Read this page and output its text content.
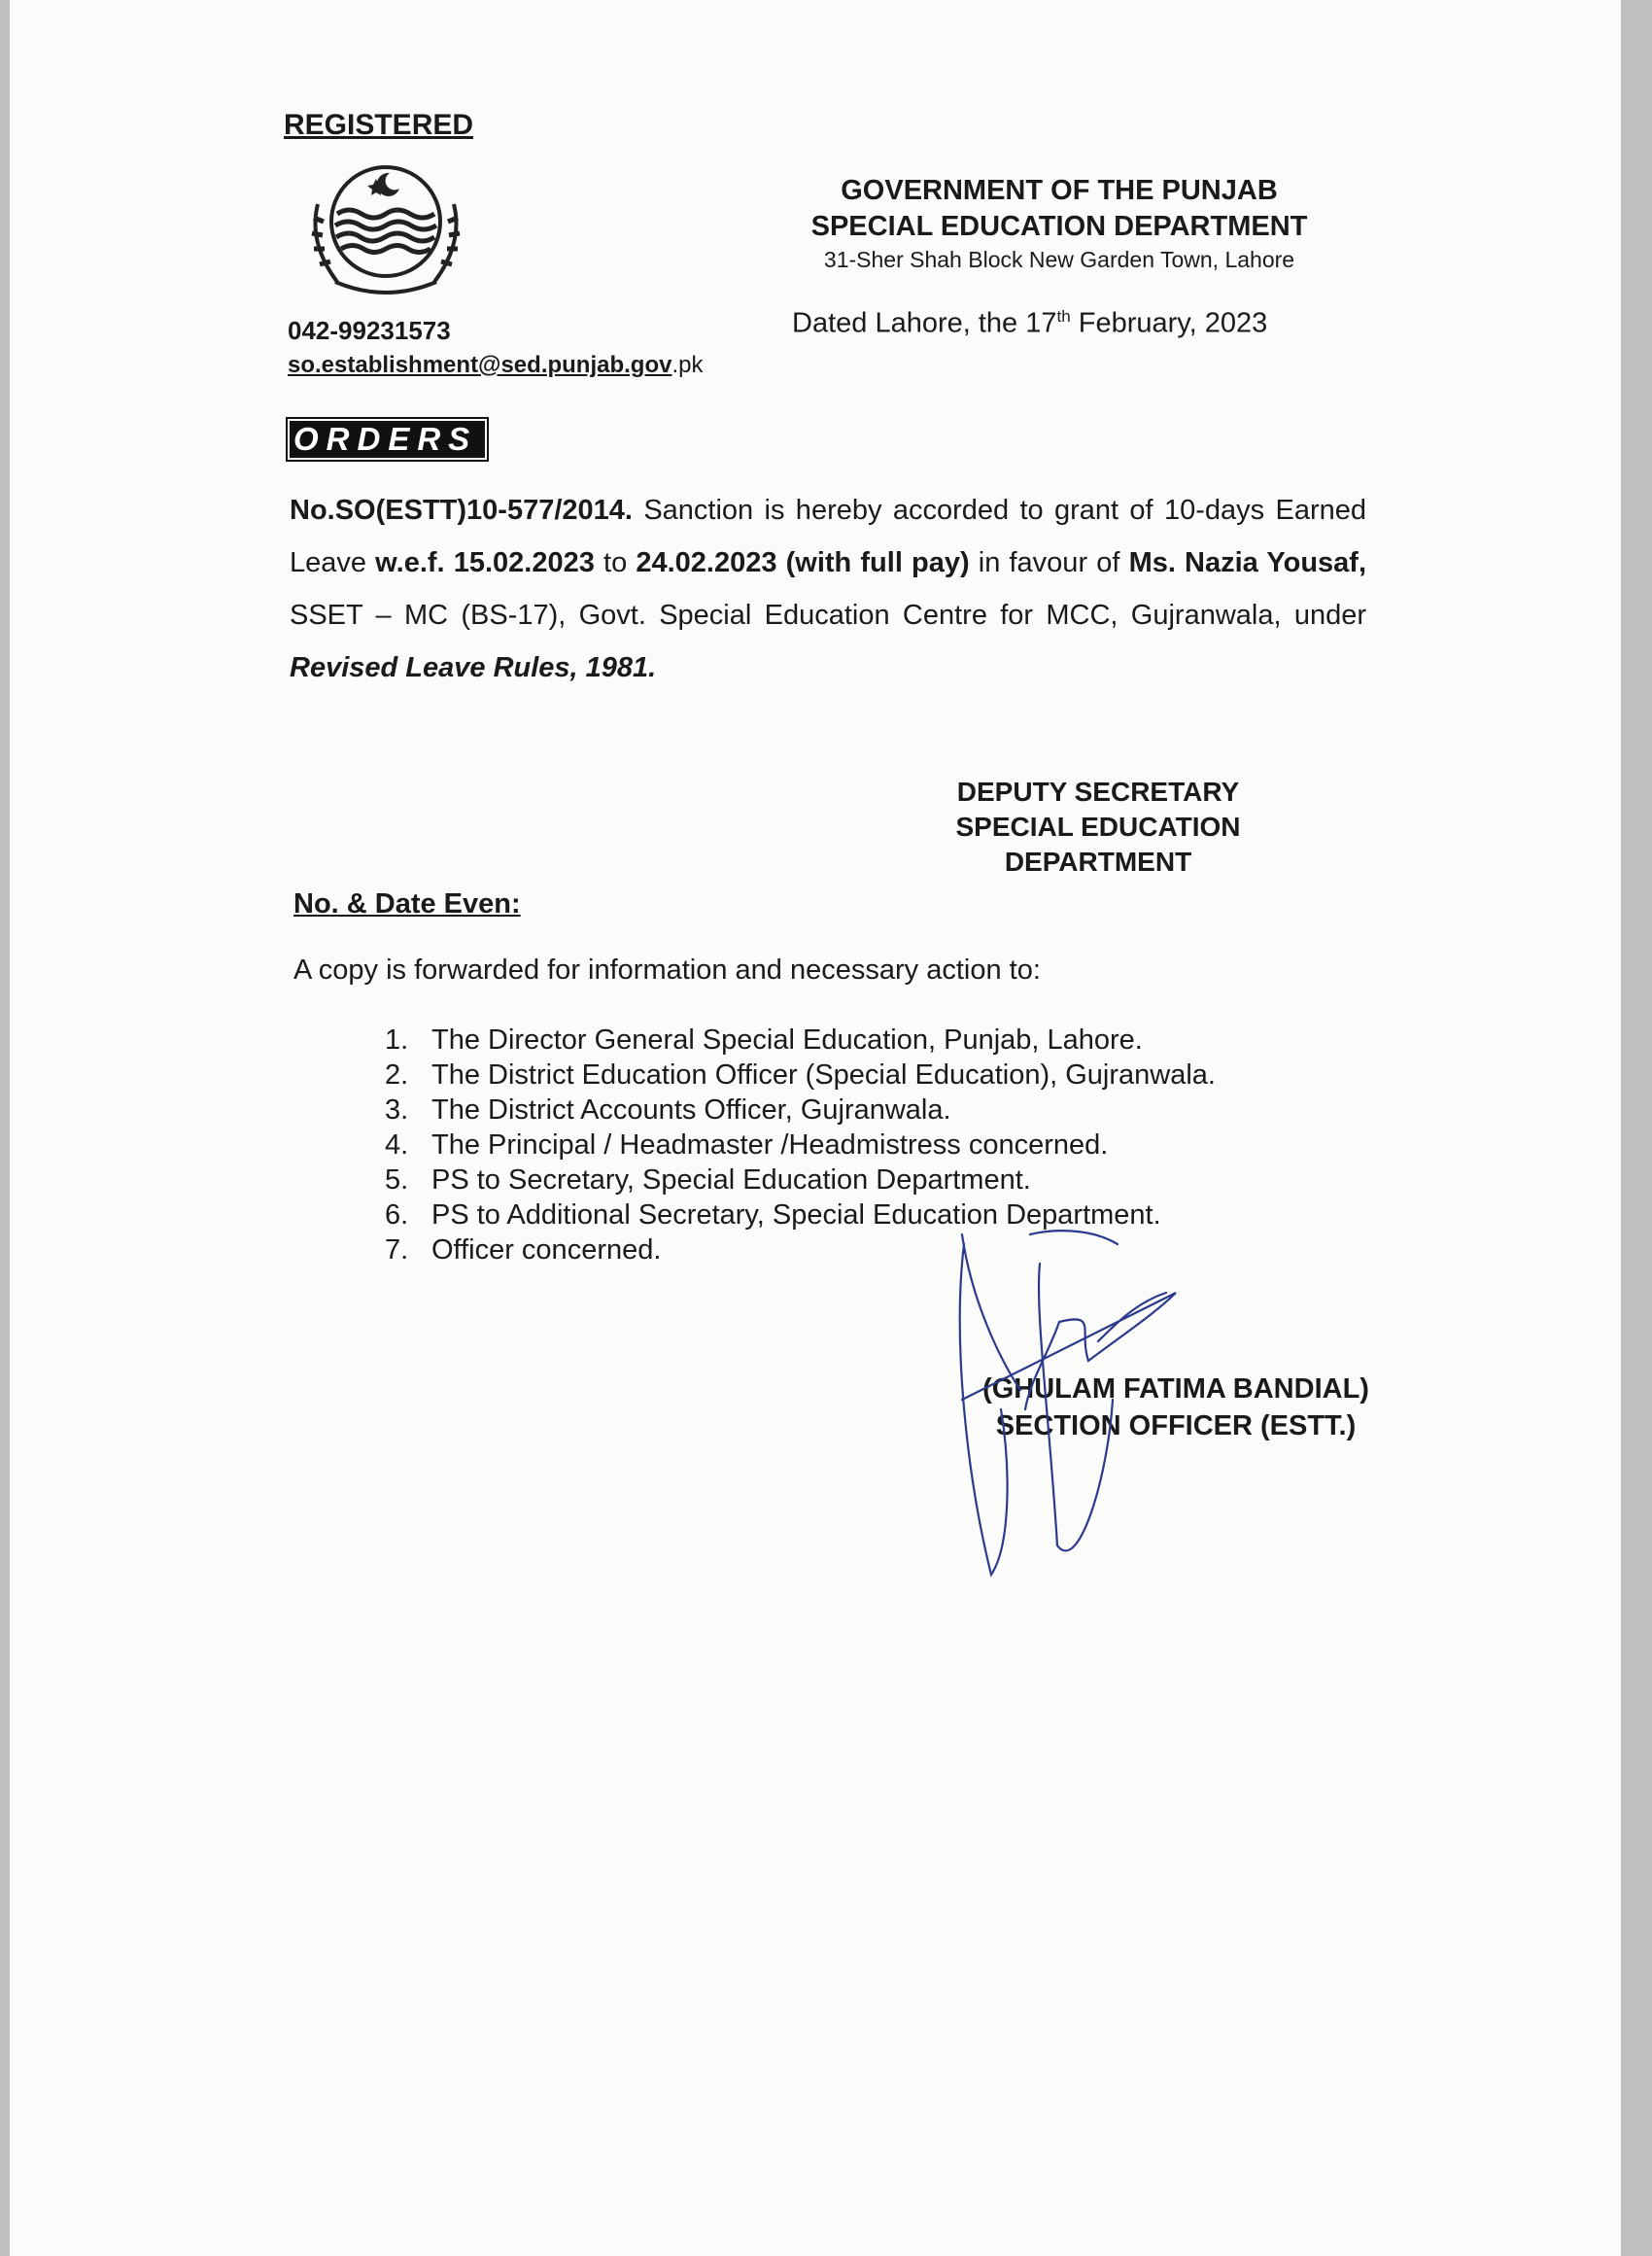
REGISTERED
042-99231573
so.establishment@sed.punjab.gov.pk
GOVERNMENT OF THE PUNJAB
SPECIAL EDUCATION DEPARTMENT
31-Sher Shah Block New Garden Town, Lahore
Dated Lahore, the 17th February, 2023
ORDERS
No.SO(ESTT)10-577/2014. Sanction is hereby accorded to grant of 10-days Earned Leave w.e.f. 15.02.2023 to 24.02.2023 (with full pay) in favour of Ms. Nazia Yousaf, SSET – MC (BS-17), Govt. Special Education Centre for MCC, Gujranwala, under Revised Leave Rules, 1981.
DEPUTY SECRETARY
SPECIAL EDUCATION
DEPARTMENT
No. & Date Even:
A copy is forwarded for information and necessary action to:
1. The Director General Special Education, Punjab, Lahore.
2. The District Education Officer (Special Education), Gujranwala.
3. The District Accounts Officer, Gujranwala.
4. The Principal / Headmaster /Headmistress concerned.
5. PS to Secretary, Special Education Department.
6. PS to Additional Secretary, Special Education Department.
7. Officer concerned.
(GHULAM FATIMA BANDIAL)
SECTION OFFICER (ESTT.)
